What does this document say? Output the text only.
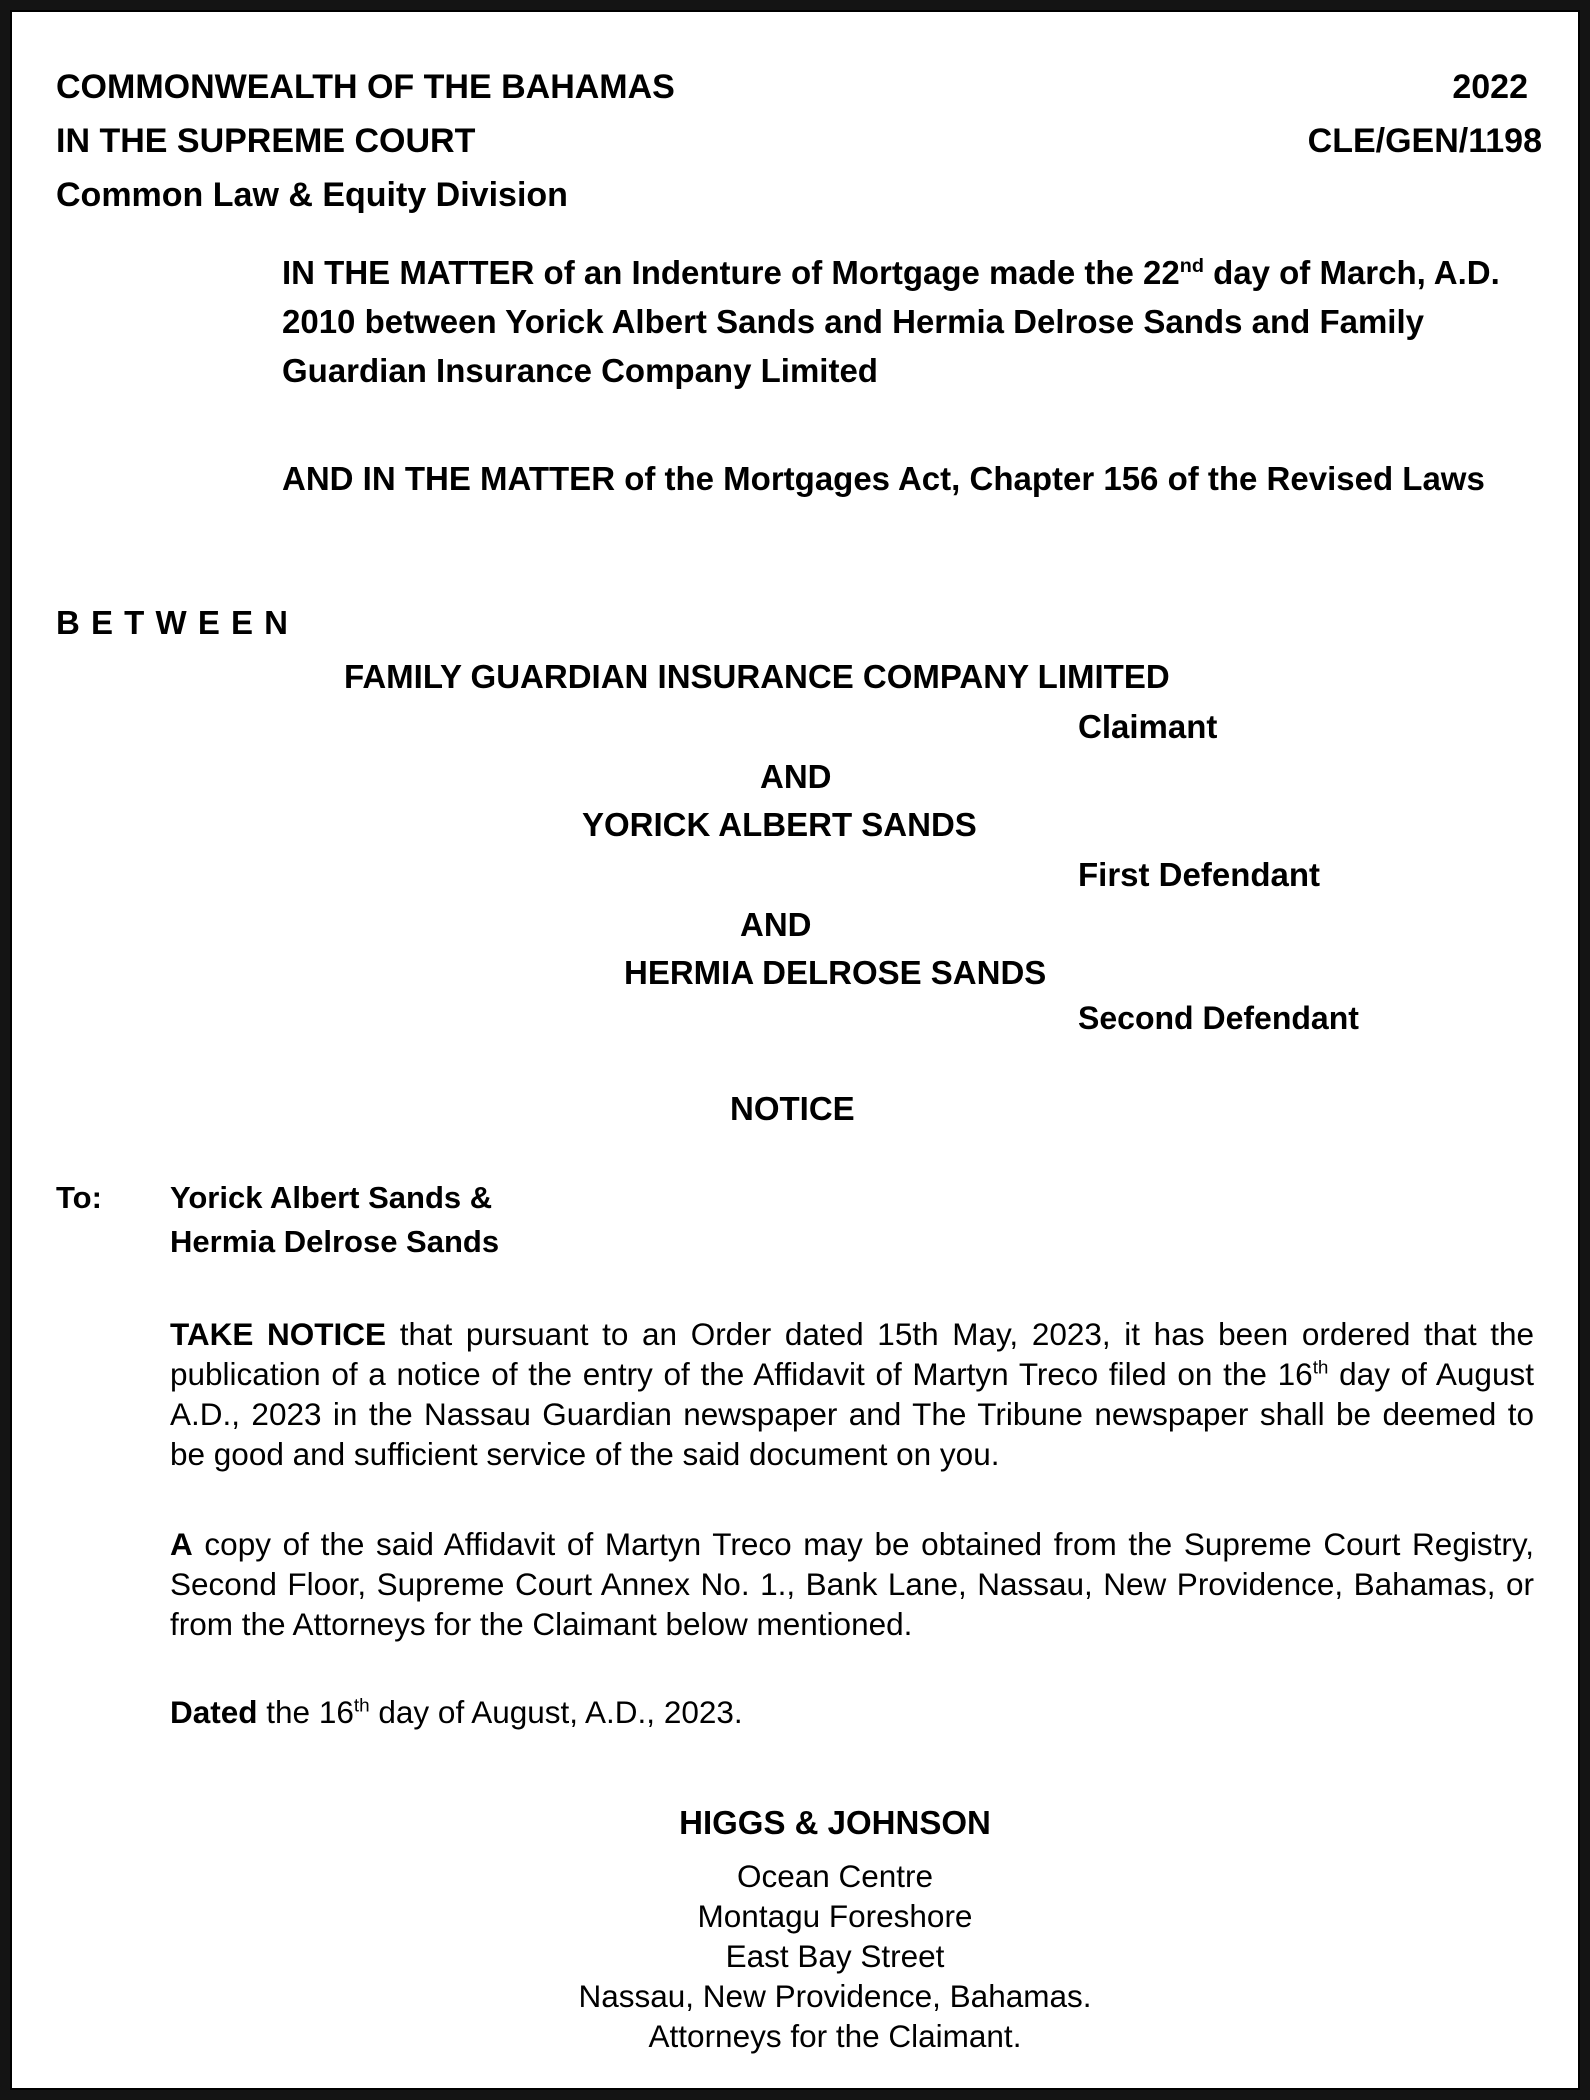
COMMONWEALTH OF THE BAHAMAS
IN THE SUPREME COURT
Common Law & Equity Division
2022
CLE/GEN/1198
IN THE MATTER of an Indenture of Mortgage made the 22nd day of March, A.D. 2010 between Yorick Albert Sands and Hermia Delrose Sands and Family Guardian Insurance Company Limited
AND IN THE MATTER of the Mortgages Act, Chapter 156 of the Revised Laws
B E T W E E N
FAMILY GUARDIAN INSURANCE COMPANY LIMITED
Claimant
AND
YORICK ALBERT SANDS
First Defendant
AND
HERMIA DELROSE SANDS
Second Defendant
NOTICE
To: Yorick Albert Sands &
Hermia Delrose Sands
TAKE NOTICE that pursuant to an Order dated 15th May, 2023, it has been ordered that the publication of a notice of the entry of the Affidavit of Martyn Treco filed on the 16th day of August A.D., 2023 in the Nassau Guardian newspaper and The Tribune newspaper shall be deemed to be good and sufficient service of the said document on you.
A copy of the said Affidavit of Martyn Treco may be obtained from the Supreme Court Registry, Second Floor, Supreme Court Annex No. 1., Bank Lane, Nassau, New Providence, Bahamas, or from the Attorneys for the Claimant below mentioned.
Dated the 16th day of August, A.D., 2023.
HIGGS & JOHNSON
Ocean Centre
Montagu Foreshore
East Bay Street
Nassau, New Providence, Bahamas.
Attorneys for the Claimant.
